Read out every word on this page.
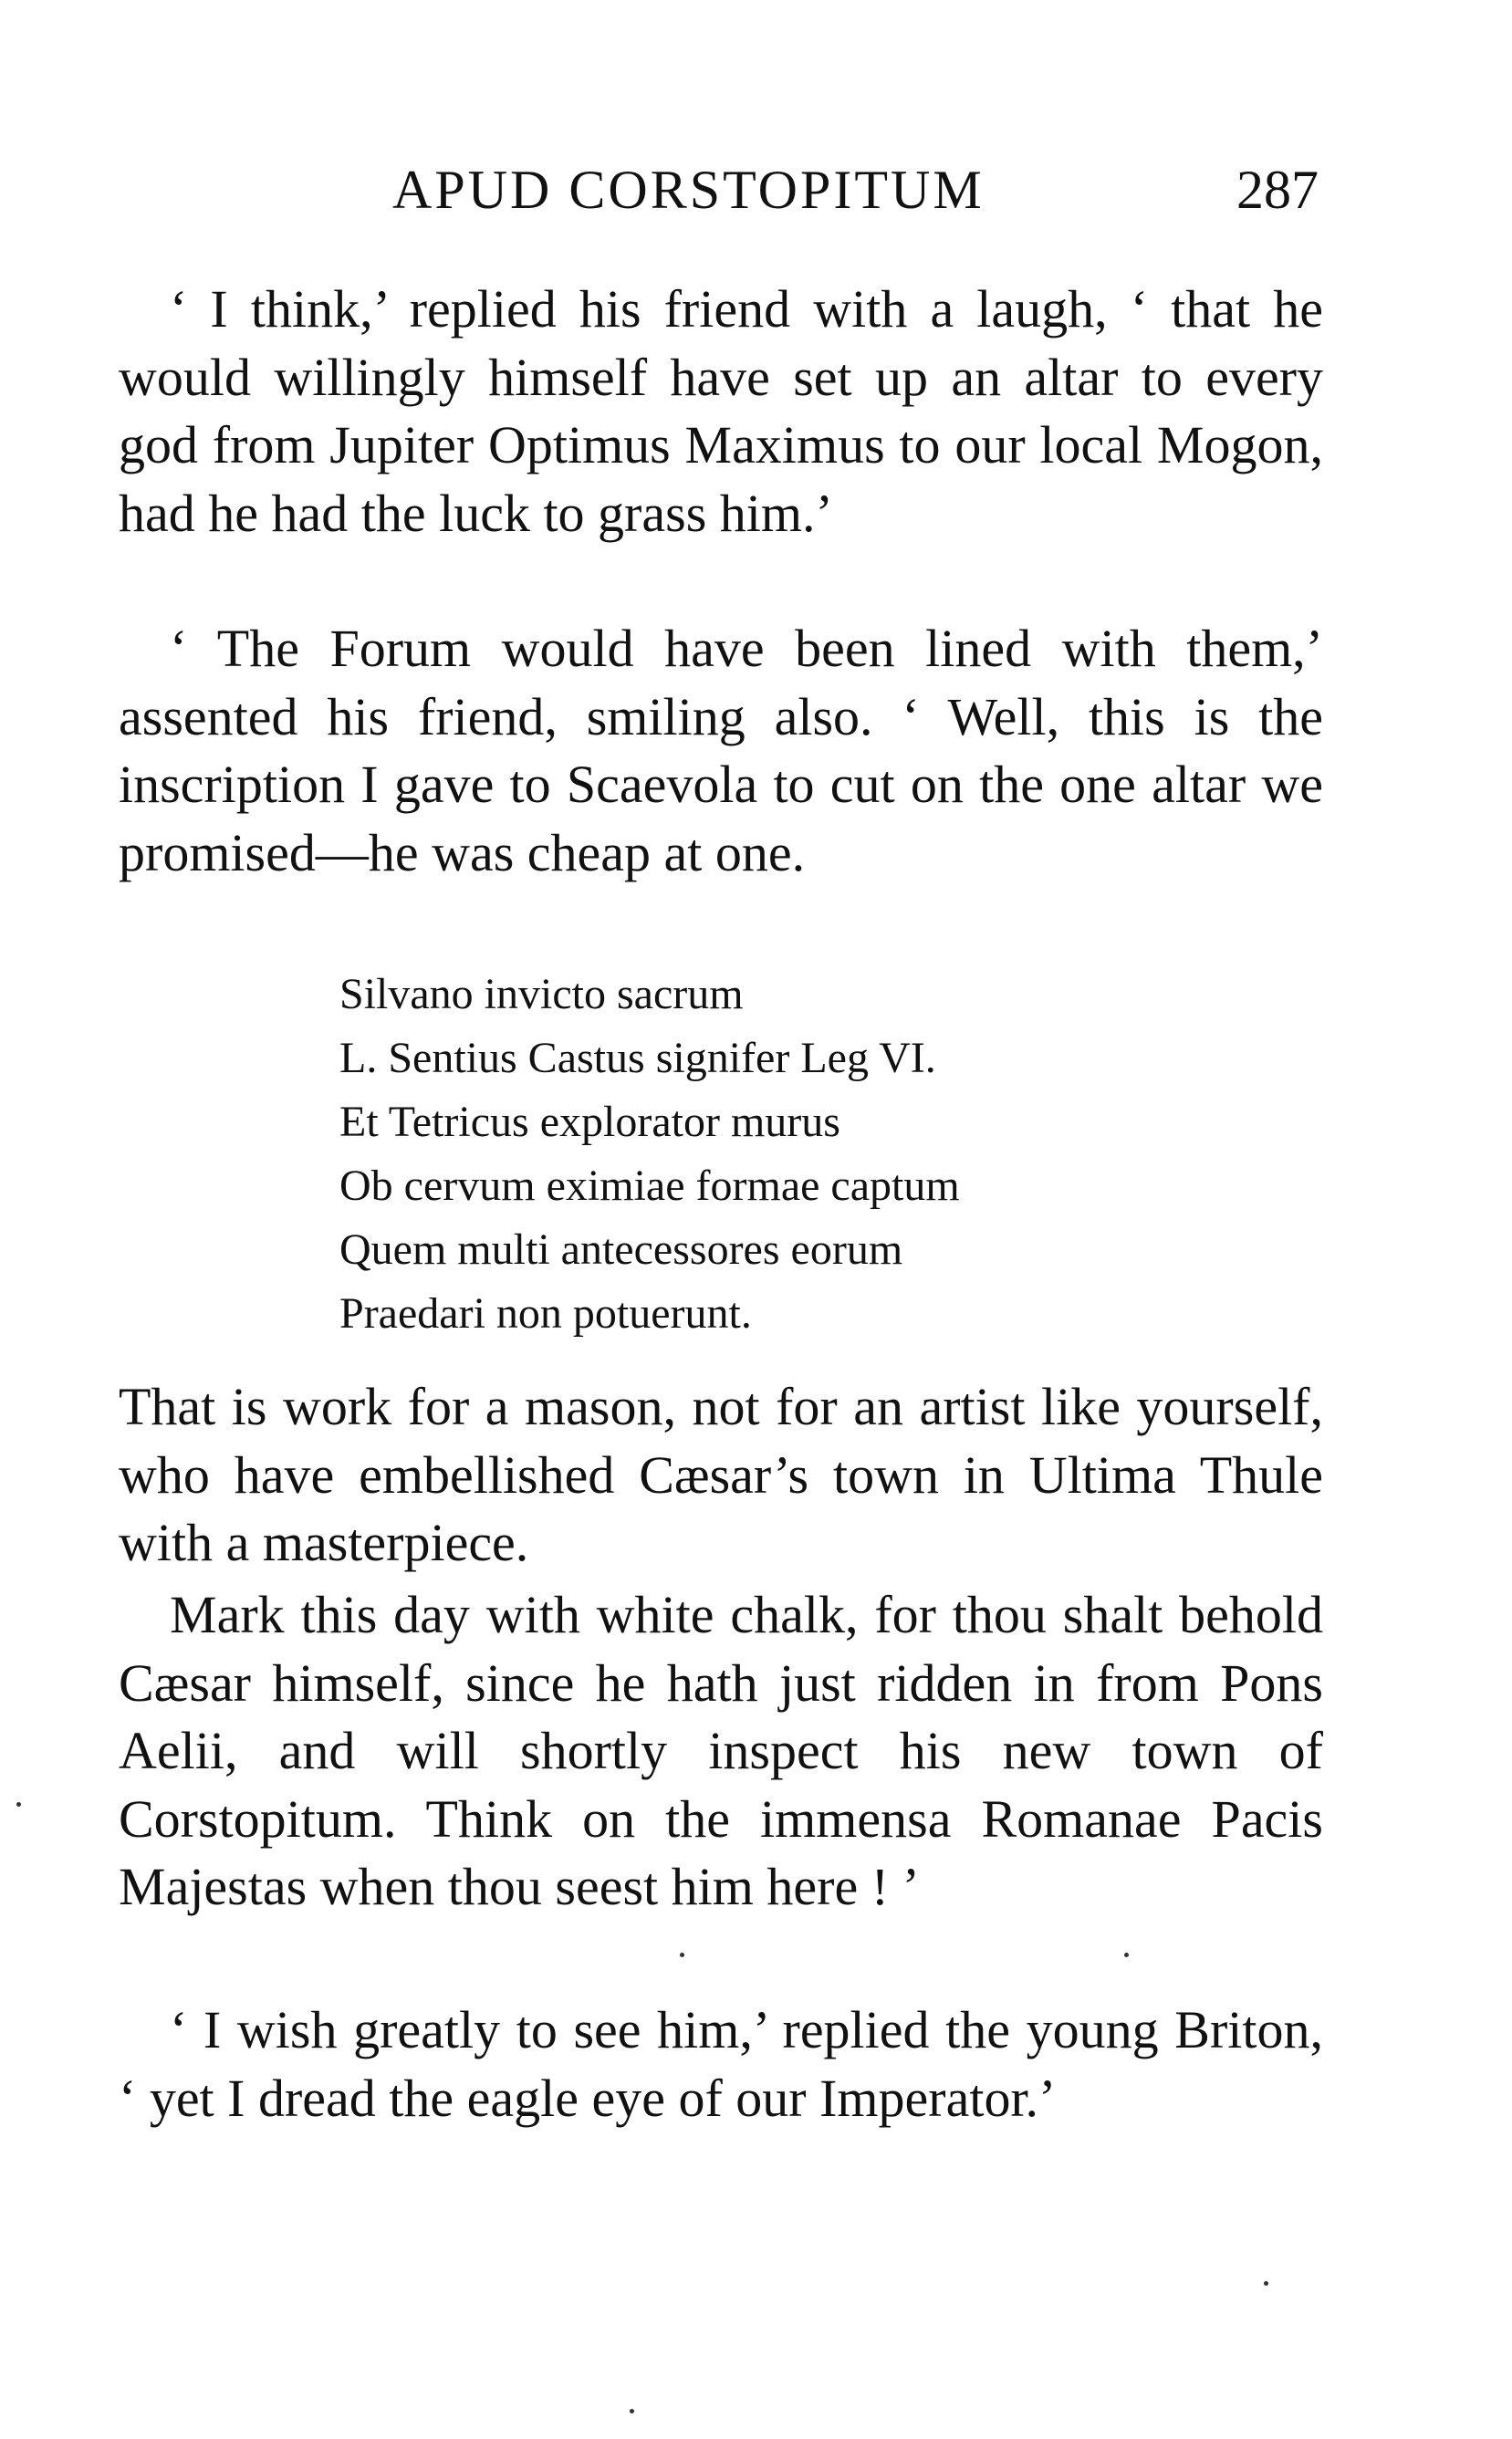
APUD CORSTOPITUM	287

‘ I think,’ replied his friend with a laugh, ‘ that he would willingly himself have set up an altar to every god from Jupiter Optimus Maximus to our local Mogon, had he had the luck to grass him.’

‘ The Forum would have been lined with them,’ assented his friend, smiling also. ‘ Well, this is the inscription I gave to Scaevola to cut on the one altar we promised—he was cheap at one.

Silvano invicto sacrum
L. Sentius Castus signifer Leg VI.
Et Tetricus explorator murus
Ob cervum eximiae formae captum
Quem multi antecessores eorum
Praedari non potuerunt.

That is work for a mason, not for an artist like yourself, who have embellished Cæsar’s town in Ultima Thule with a masterpiece.

Mark this day with white chalk, for thou shalt behold Cæsar himself, since he hath just ridden in from Pons Aelii, and will shortly inspect his new town of Corstopitum. Think on the immensa Romanae Pacis Majestas when thou seest him here ! ’

‘ I wish greatly to see him,’ replied the young Briton, ‘ yet I dread the eagle eye of our Imperator.’
